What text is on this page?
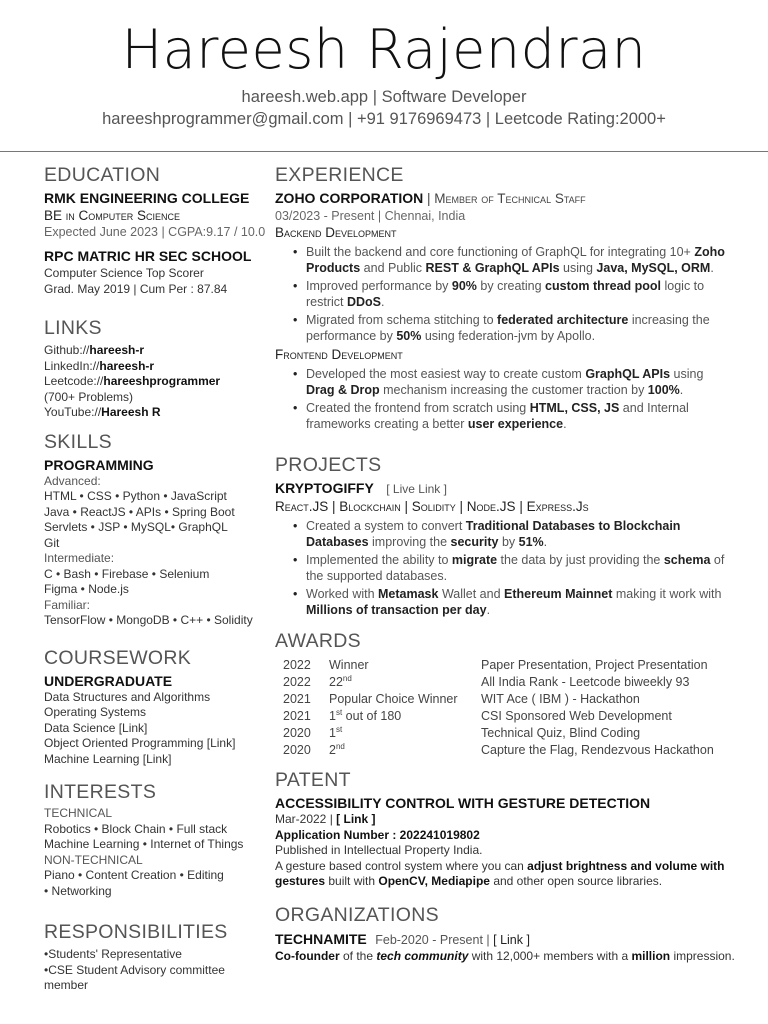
Hareesh Rajendran
hareesh.web.app | Software Developer
hareeshprogrammer@gmail.com | +91 9176969473 | Leetcode Rating:2000+
EDUCATION
RMK ENGINEERING COLLEGE
BE in Computer Science
Expected June 2023 | CGPA:9.17 / 10.0
RPC MATRIC HR SEC SCHOOL
Computer Science Top Scorer
Grad. May 2019 | Cum Per : 87.84
LINKS
Github://hareesh-r
LinkedIn://hareesh-r
Leetcode://hareeshprogrammer
(700+ Problems)
YouTube://Hareesh R
SKILLS
PROGRAMMING
Advanced:
HTML • CSS • Python • JavaScript
Java • ReactJS • APIs • Spring Boot
Servlets • JSP • MySQL• GraphQL
Git
Intermediate:
C • Bash • Firebase • Selenium
Figma • Node.js
Familiar:
TensorFlow • MongoDB • C++ • Solidity
COURSEWORK
UNDERGRADUATE
Data Structures and Algorithms
Operating Systems
Data Science [Link]
Object Oriented Programming [Link]
Machine Learning [Link]
INTERESTS
TECHNICAL
Robotics • Block Chain • Full stack
Machine Learning • Internet of Things
NON-TECHNICAL
Piano • Content Creation • Editing
• Networking
RESPONSIBILITIES
•Students' Representative
•CSE Student Advisory committee
member
EXPERIENCE
ZOHO CORPORATION | Member of Technical Staff
03/2023 - Present | Chennai, India
Backend Development
• Built the backend and core functioning of GraphQL for integrating 10+ Zoho Products and Public REST & GraphQL APIs using Java, MySQL, ORM.
• Improved performance by 90% by creating custom thread pool logic to restrict DDoS.
• Migrated from schema stitching to federated architecture increasing the performance by 50% using federation-jvm by Apollo.
Frontend Development
• Developed the most easiest way to create custom GraphQL APIs using Drag & Drop mechanism increasing the customer traction by 100%.
• Created the frontend from scratch using HTML, CSS, JS and Internal frameworks creating a better user experience.
PROJECTS
KRYPTOGIFFY [ Live Link ]
React.JS | Blockchain | Solidity | Node.JS | Express.Js
• Created a system to convert Traditional Databases to Blockchain Databases improving the security by 51%.
• Implemented the ability to migrate the data by just providing the schema of the supported databases.
• Worked with Metamask Wallet and Ethereum Mainnet making it work with Millions of transaction per day.
AWARDS
2022	Winner	Paper Presentation, Project Presentation
2022	22nd	All India Rank - Leetcode biweekly 93
2021	Popular Choice Winner	WIT Ace ( IBM ) - Hackathon
2021	1st out of 180	CSI Sponsored Web Development
2020	1st	Technical Quiz, Blind Coding
2020	2nd	Capture the Flag, Rendezvous Hackathon
PATENT
ACCESSIBILITY CONTROL WITH GESTURE DETECTION
Mar-2022 | [ Link ]
Application Number : 202241019802
Published in Intellectual Property India.
A gesture based control system where you can adjust brightness and volume with gestures built with OpenCV, Mediapipe and other open source libraries.
ORGANIZATIONS
TECHNAMITE Feb-2020 - Present | [ Link ]
Co-founder of the tech community with 12,000+ members with a million impression.
